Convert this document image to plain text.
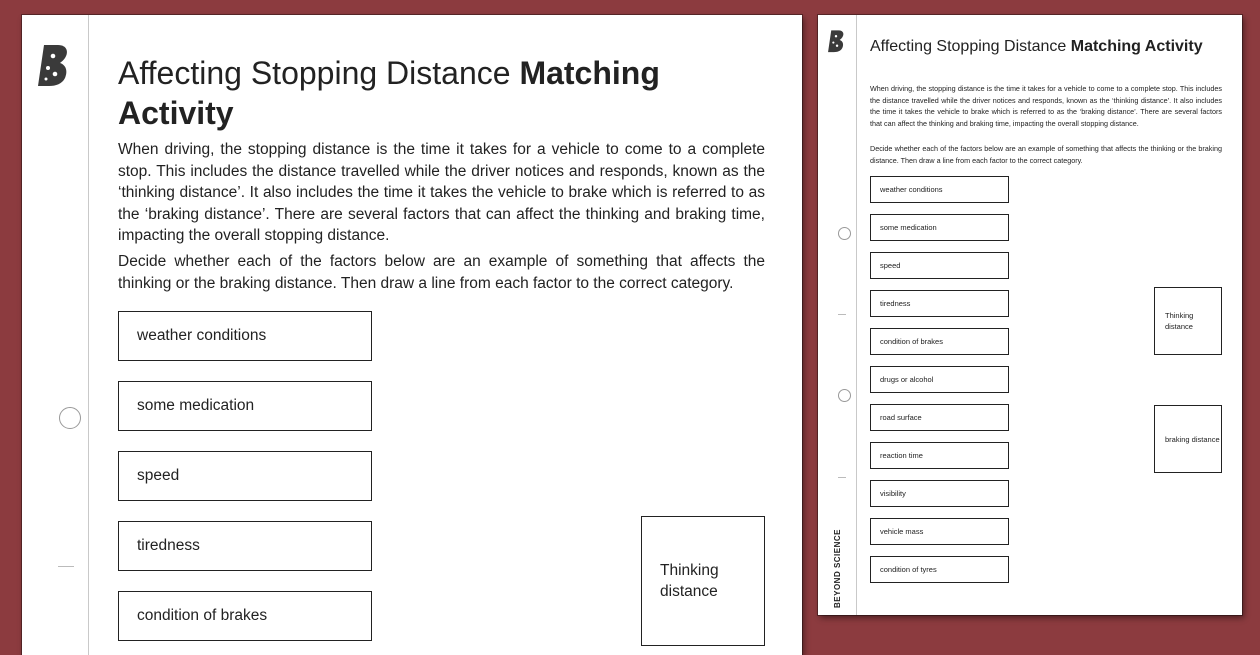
Affecting Stopping Distance Matching Activity

When driving, the stopping distance is the time it takes for a vehicle to come to a complete stop. This includes the distance travelled while the driver notices and responds, known as the ‘thinking distance’. It also includes the time it takes the vehicle to brake which is referred to as the ‘braking distance’. There are several factors that can affect the thinking and braking time, impacting the overall stopping distance.

Decide whether each of the factors below are an example of something that affects the thinking or the braking distance. Then draw a line from each factor to the correct category.

weather conditions
some medication
speed
tiredness
condition of brakes
Thinking distance	BEYOND SCIENCE
Affecting Stopping Distance Matching Activity

When driving, the stopping distance is the time it takes for a vehicle to come to a complete stop. This includes the distance travelled while the driver notices and responds, known as the ‘thinking distance’. It also includes the time it takes the vehicle to brake which is referred to as the ‘braking distance’. There are several factors that can affect the thinking and braking time, impacting the overall stopping distance.

Decide whether each of the factors below are an example of something that affects the thinking or the braking distance. Then draw a line from each factor to the correct category.

weather conditions
some medication
speed
tiredness
condition of brakes
drugs or alcohol
road surface
reaction time
visibility
vehicle mass
condition of tyres
Thinking distance
braking distance
